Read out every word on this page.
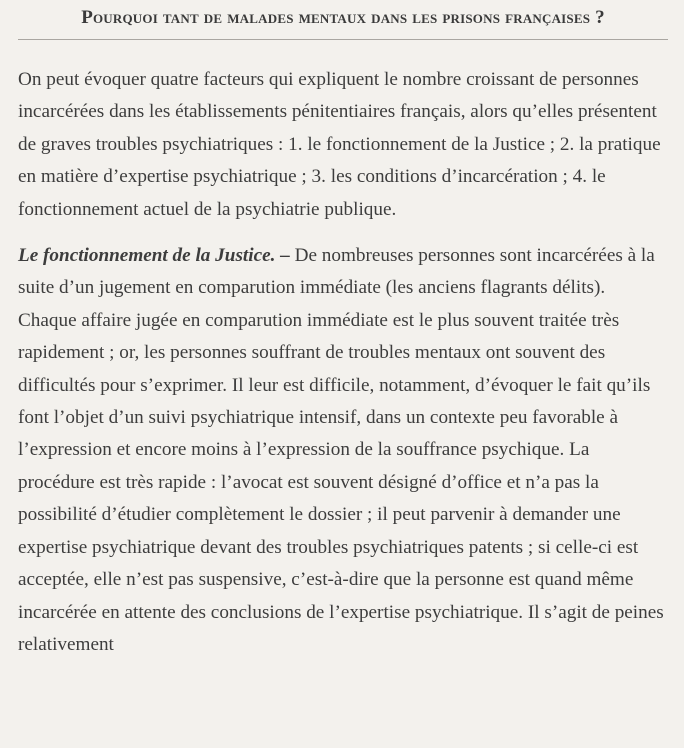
Pourquoi tant de malades mentaux dans les prisons françaises ?

On peut évoquer quatre facteurs qui expliquent le nombre croissant de personnes incarcérées dans les établissements pénitentiaires français, alors qu’elles présentent de graves troubles psychiatriques : 1. le fonctionnement de la Justice ; 2. la pratique en matière d’expertise psychiatrique ; 3. les conditions d’incarcération ; 4. le fonctionnement actuel de la psychiatrie publique.

Le fonctionnement de la Justice. – De nombreuses personnes sont incarcérées à la suite d’un jugement en comparution immédiate (les anciens flagrants délits). Chaque affaire jugée en comparution immédiate est le plus souvent traitée très rapidement ; or, les personnes souffrant de troubles mentaux ont souvent des difficultés pour s’exprimer. Il leur est difficile, notamment, d’évoquer le fait qu’ils font l’objet d’un suivi psychiatrique intensif, dans un contexte peu favorable à l’expression et encore moins à l’expression de la souffrance psychique. La procédure est très rapide : l’avocat est souvent désigné d’office et n’a pas la possibilité d’étudier complètement le dossier ; il peut parvenir à demander une expertise psychiatrique devant des troubles psychiatriques patents ; si celle-ci est acceptée, elle n’est pas suspensive, c’est-à-dire que la personne est quand même incarcérée en attente des conclusions de l’expertise psychiatrique. Il s’agit de peines relativement
